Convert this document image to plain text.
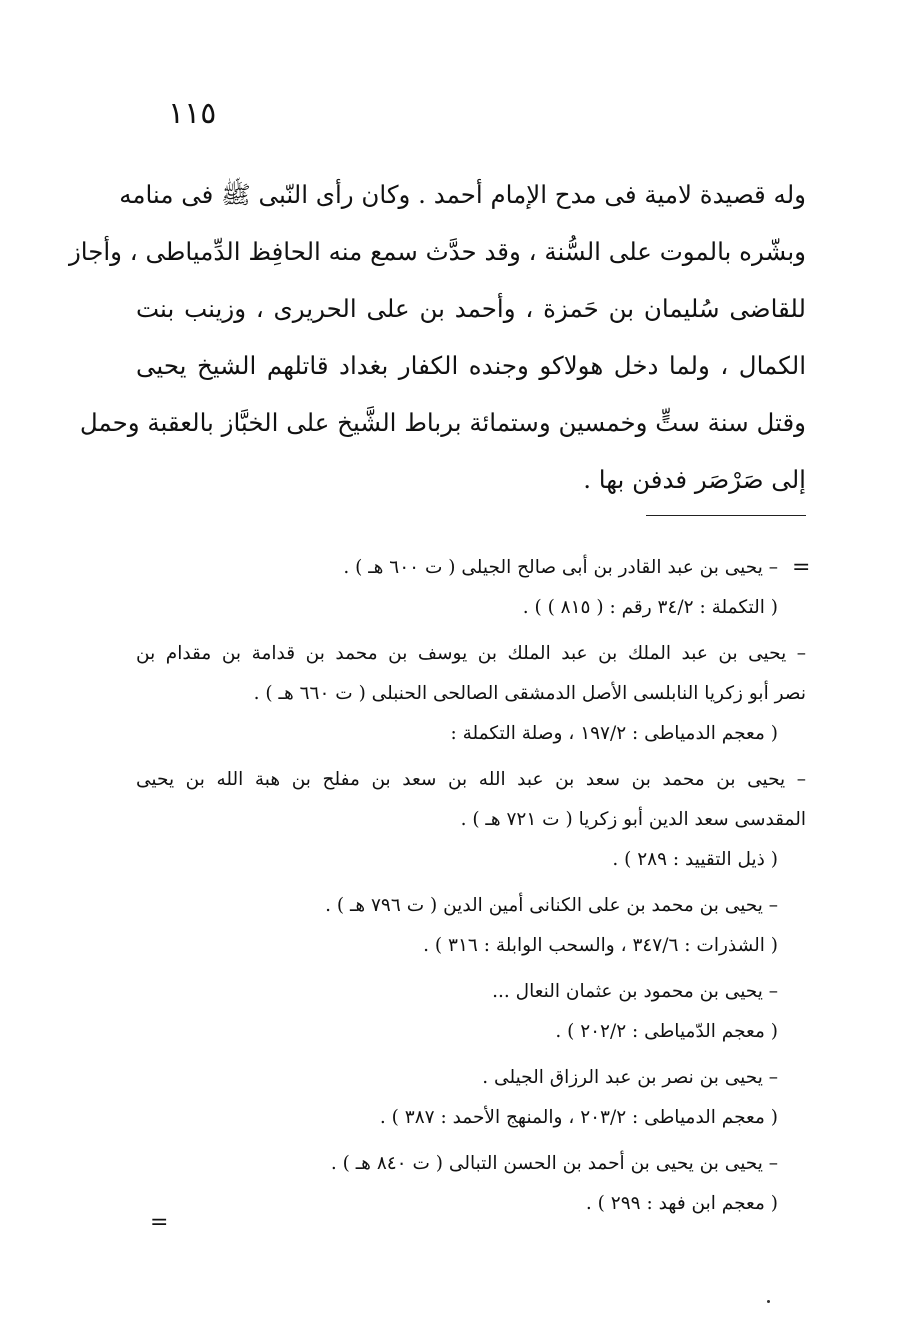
١١٥
وله قصيدة لامية فى مدح الإمام أحمد . وكان رأى النّبى ﷺ فى منامه
وبشّره بالموت على السُّنة ، وقد حدَّث سمع منه الحافِظ الدِّمياطى ، وأجاز
للقاضى سُليمان بن حَمزة ، وأحمد بن على الحريرى ، وزينب بنت
الكمال ، ولما دخل هولاكو وجنده الكفار بغداد قاتلهم الشيخ يحيى
وقتل سنة ستٍّ وخمسين وستمائة برباط الشَّيخ على الخبَّاز بالعقبة وحمل
إلى صَرْصَر فدفن بها .
=
– يحيى بن عبد القادر بن أبى صالح الجيلى ( ت ٦٠٠ هـ ) .
( التكملة : ٣٤/٢ رقم : ( ٨١٥ ) ) .
– يحيى بن عبد الملك بن عبد الملك بن يوسف بن محمد بن قدامة بن مقدام بن
نصر أبو زكريا النابلسى الأصل الدمشقى الصالحى الحنبلى ( ت ٦٦٠ هـ ) .
( معجم الدمياطى : ١٩٧/٢ ، وصلة التكملة :
– يحيى بن محمد بن سعد بن عبد الله بن سعد بن مفلح بن هبة الله بن يحيى
المقدسى سعد الدين أبو زكريا ( ت ٧٢١ هـ ) .
( ذيل التقييد : ٢٨٩ ) .
– يحيى بن محمد بن على الكنانى أمين الدين ( ت ٧٩٦ هـ ) .
( الشذرات : ٣٤٧/٦ ، والسحب الوابلة : ٣١٦ ) .
– يحيى بن محمود بن عثمان النعال ...
( معجم الدّمياطى : ٢٠٢/٢ ) .
– يحيى بن نصر بن عبد الرزاق الجيلى .
( معجم الدمياطى : ٢٠٣/٢ ، والمنهج الأحمد : ٣٨٧ ) .
– يحيى بن يحيى بن أحمد بن الحسن التبالى ( ت ٨٤٠ هـ ) .
( معجم ابن فهد : ٢٩٩ ) .
=
